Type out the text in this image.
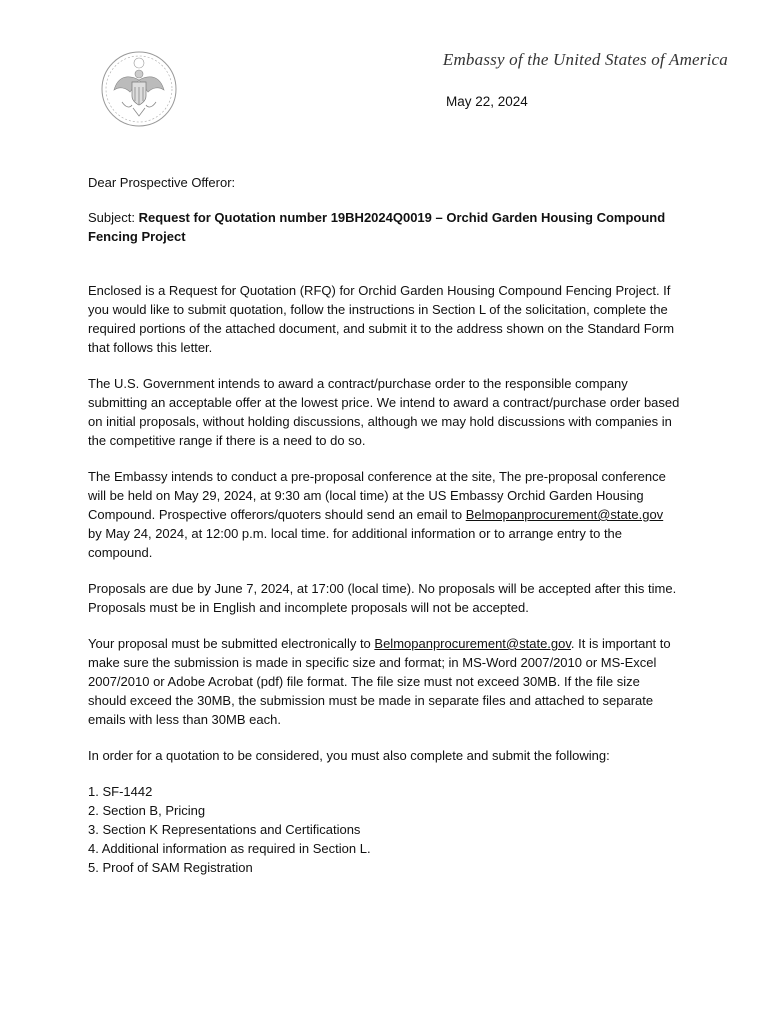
Embassy of the United States of America
May 22, 2024

Dear Prospective Offeror:

Subject: Request for Quotation number 19BH2024Q0019 – Orchid Garden Housing Compound Fencing Project

Enclosed is a Request for Quotation (RFQ) for Orchid Garden Housing Compound Fencing Project. If you would like to submit quotation, follow the instructions in Section L of the solicitation, complete the required portions of the attached document, and submit it to the address shown on the Standard Form that follows this letter.

The U.S. Government intends to award a contract/purchase order to the responsible company submitting an acceptable offer at the lowest price. We intend to award a contract/purchase order based on initial proposals, without holding discussions, although we may hold discussions with companies in the competitive range if there is a need to do so.

The Embassy intends to conduct a pre-proposal conference at the site, The pre-proposal conference will be held on May 29, 2024, at 9:30 am (local time) at the US Embassy Orchid Garden Housing Compound. Prospective offerors/quoters should send an email to Belmopanprocurement@state.gov by May 24, 2024, at 12:00 p.m. local time. for additional information or to arrange entry to the compound.

Proposals are due by June 7, 2024, at 17:00 (local time). No proposals will be accepted after this time. Proposals must be in English and incomplete proposals will not be accepted.

Your proposal must be submitted electronically to Belmopanprocurement@state.gov. It is important to make sure the submission is made in specific size and format; in MS-Word 2007/2010 or MS-Excel 2007/2010 or Adobe Acrobat (pdf) file format. The file size must not exceed 30MB. If the file size should exceed the 30MB, the submission must be made in separate files and attached to separate emails with less than 30MB each.

In order for a quotation to be considered, you must also complete and submit the following:

1. SF-1442
2. Section B, Pricing
3. Section K Representations and Certifications
4. Additional information as required in Section L.
5. Proof of SAM Registration
